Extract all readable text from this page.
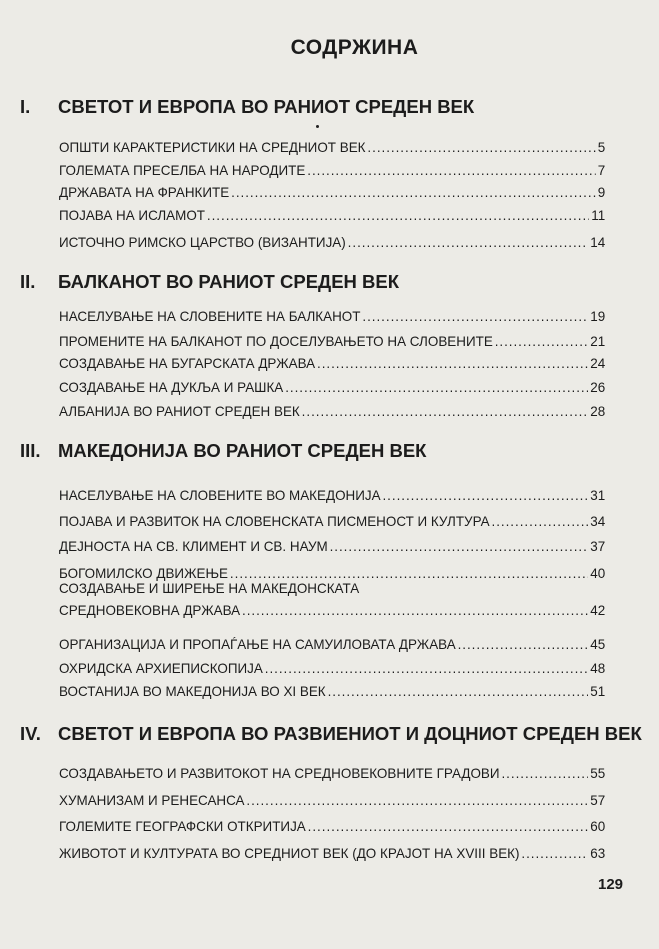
СОДРЖИНА
I. СВЕТОТ И ЕВРОПА ВО РАНИОТ СРЕДЕН ВЕК
ОПШТИ КАРАКТЕРИСТИКИ НА СРЕДНИОТ ВЕК .....	5
ГОЛЕМАТА ПРЕСЕЛБА НА НАРОДИТЕ .....	7
ДРЖАВАТА НА ФРАНКИТЕ .....	9
ПОЈАВА НА ИСЛАМОТ .....	11
ИСТОЧНО РИМСКО ЦАРСТВО (ВИЗАНТИЈА) .....	14
II. БАЛКАНОТ ВО РАНИОТ СРЕДЕН ВЕК
НАСЕЛУВАЊЕ НА СЛОВЕНИТЕ НА БАЛКАНОТ .....	19
ПРОМЕНИТЕ НА БАЛКАНОТ ПО ДОСЕЛУВАЊЕТО НА СЛОВЕНИТЕ .....	21
СОЗДАВАЊЕ НА БУГАРСКАТА ДРЖАВА .....	24
СОЗДАВАЊЕ НА ДУКЉА И РАШКА .....	26
АЛБАНИЈА ВО РАНИОТ СРЕДЕН ВЕК .....	28
III. МАКЕДОНИЈА ВО РАНИОТ СРЕДЕН ВЕК
НАСЕЛУВАЊЕ НА СЛОВЕНИТЕ ВО МАКЕДОНИЈА .....	31
ПОЈАВА И РАЗВИТОК НА СЛОВЕНСКАТА ПИСМЕНОСТ И КУЛТУРА .....	34
ДЕЈНОСТА НА СВ. КЛИМЕНТ И СВ. НАУМ .....	37
БОГОМИЛСКО ДВИЖЕЊЕ .....	40
СОЗДАВАЊЕ И ШИРЕЊЕ НА МАКЕДОНСКАТА
СРЕДНОВЕКОВНА ДРЖАВА .....	42
ОРГАНИЗАЦИЈА И ПРОПАЃАЊЕ НА САМУИЛОВАТА ДРЖАВА .....	45
ОХРИДСКА АРХИЕПИСКОПИЈА .....	48
ВОСТАНИЈА ВО МАКЕДОНИЈА ВО XI ВЕК .....	51
IV. СВЕТОТ И ЕВРОПА ВО РАЗВИЕНИОТ И ДОЦНИОТ СРЕДЕН ВЕК
СОЗДАВАЊЕТО И РАЗВИТОКОТ НА СРЕДНОВЕКОВНИТЕ ГРАДОВИ .....	55
ХУМАНИЗАМ И РЕНЕСАНСА .....	57
ГОЛЕМИТЕ ГЕОГРАФСКИ ОТКРИТИЈА .....	60
ЖИВОТОТ И КУЛТУРАТА ВО СРЕДНИОТ ВЕК (ДО КРАЈОТ НА XVIII ВЕК) .....	63
129
